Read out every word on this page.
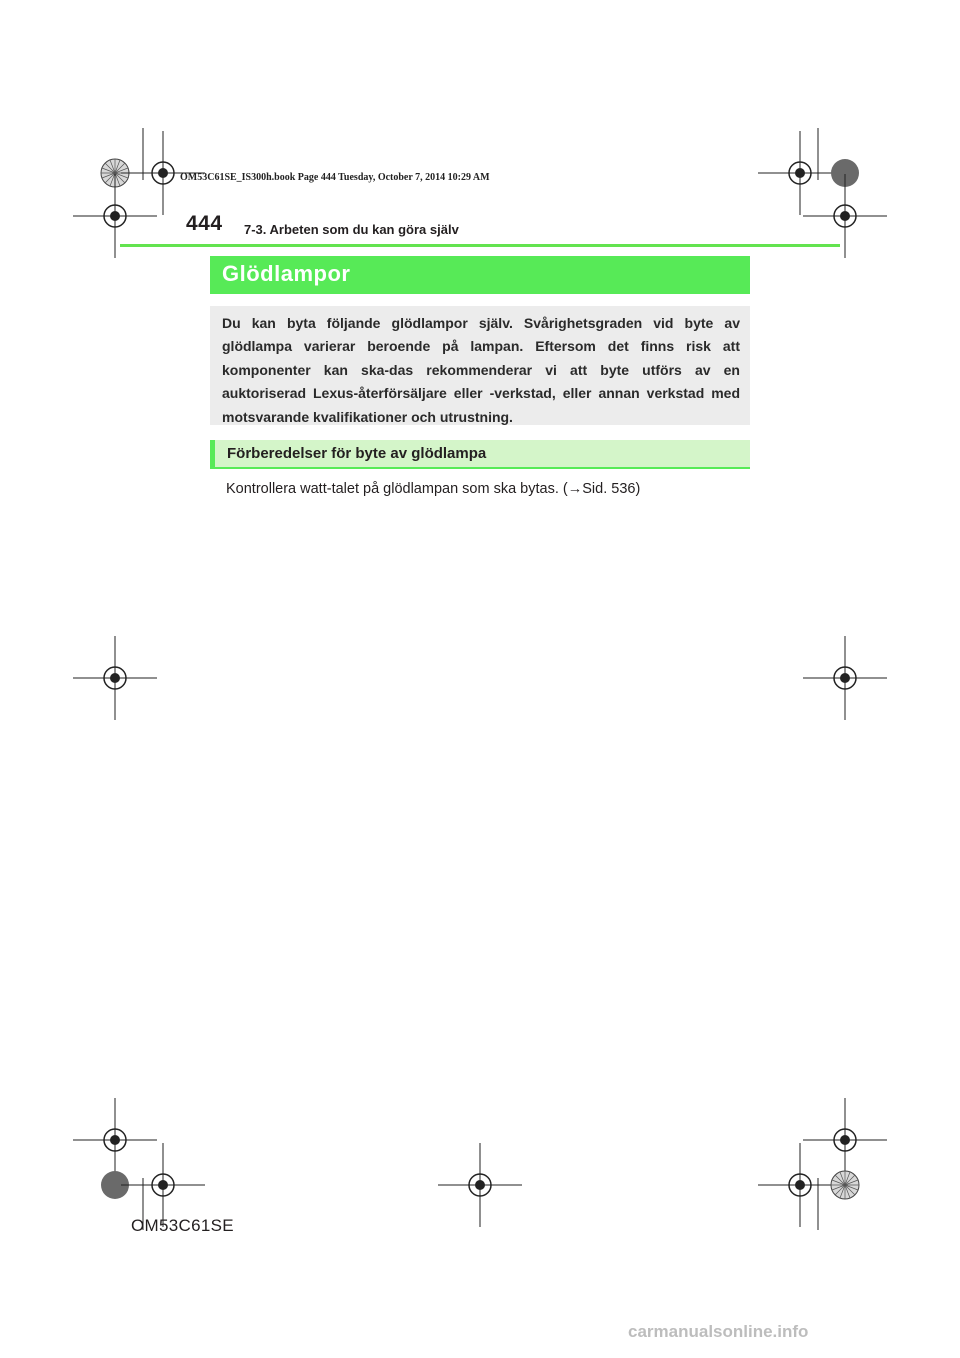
OM53C61SE_IS300h.book Page 444 Tuesday, October 7, 2014 10:29 AM
444 7-3. Arbeten som du kan göra själv
Glödlampor

Du kan byta följande glödlampor själv. Svårighetsgraden vid byte av glödlampa varierar beroende på lampan. Eftersom det finns risk att komponenter kan ska-das rekommenderar vi att byte utförs av en auktoriserad Lexus-återförsäljare eller -verkstad, eller annan verkstad med motsvarande kvalifikationer och utrustning.

Förberedelser för byte av glödlampa
Kontrollera watt-talet på glödlampan som ska bytas. (→Sid. 536)
OM53C61SE
carmanualsonline.info
